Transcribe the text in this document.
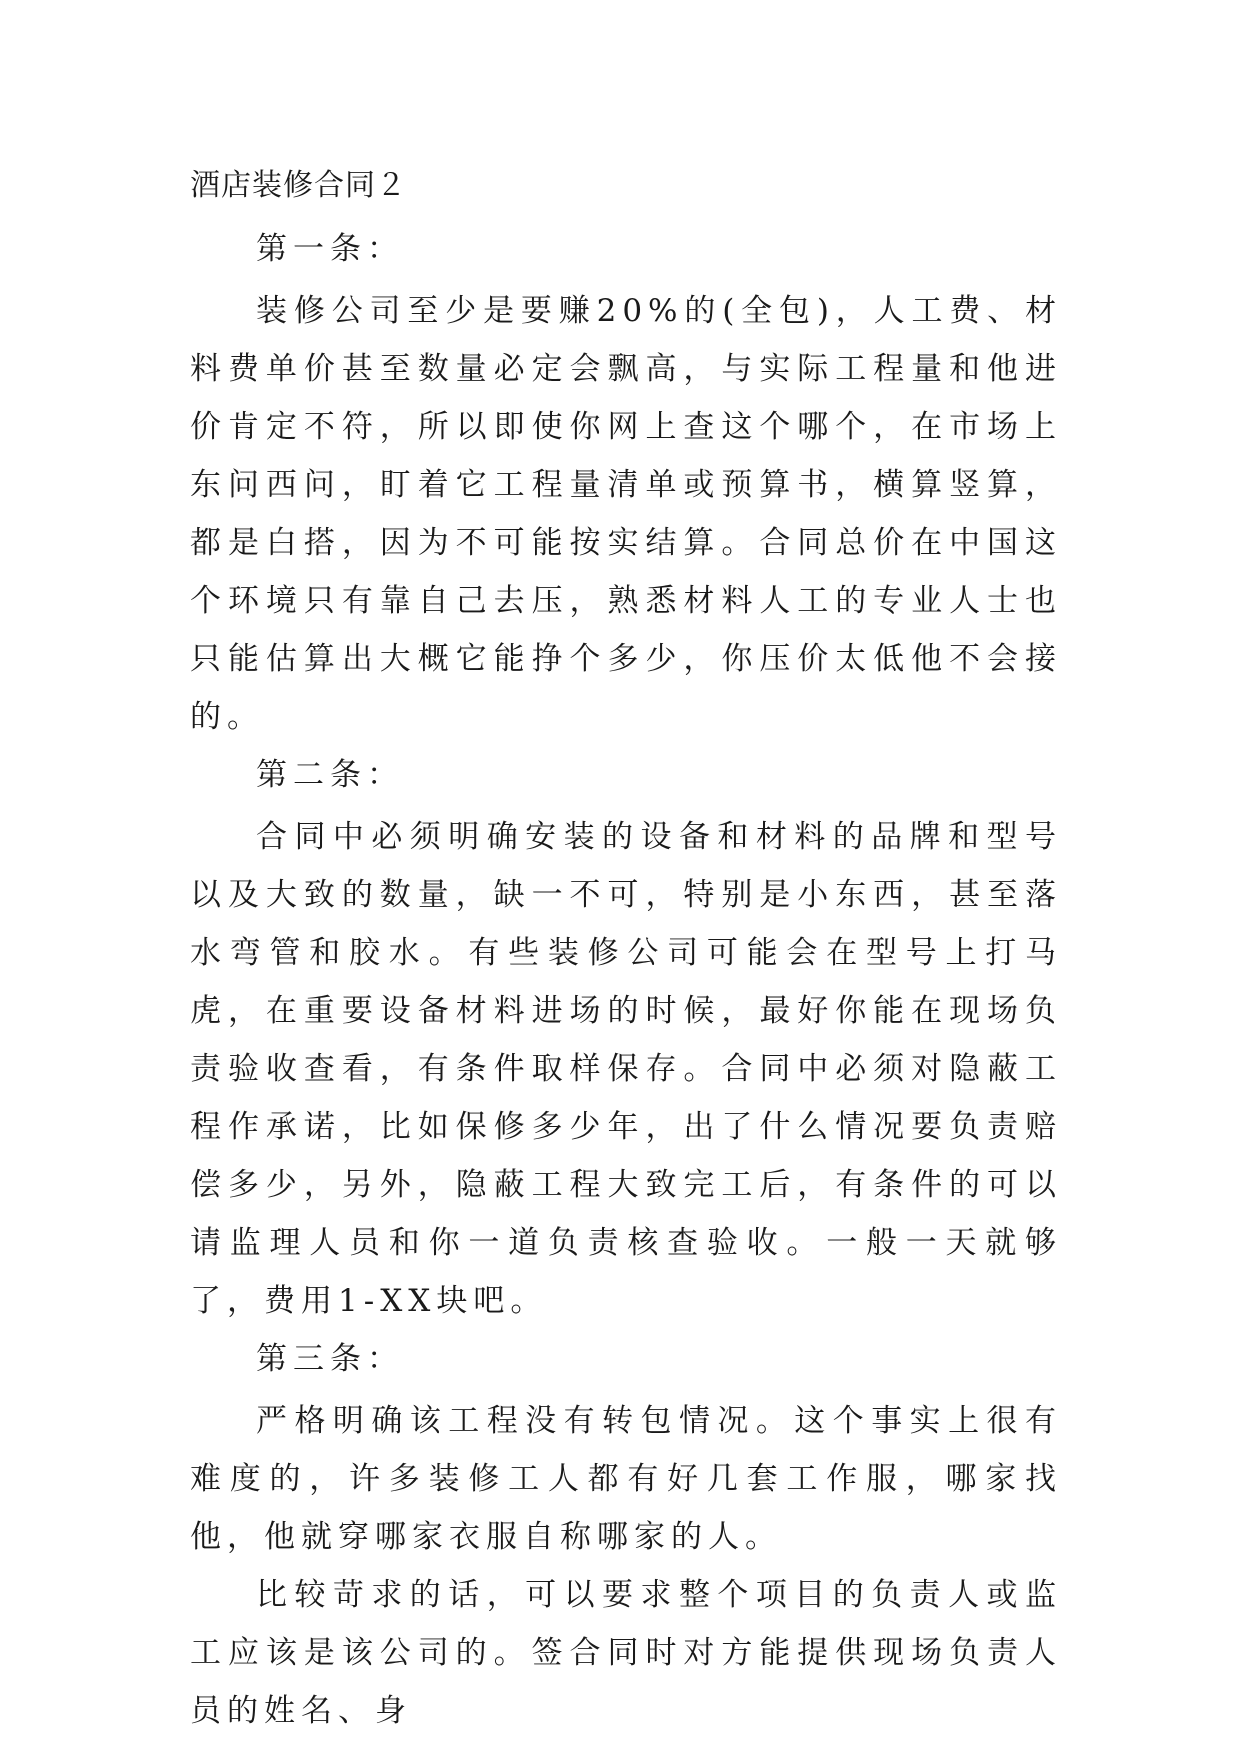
酒店装修合同２

第一条：

装修公司至少是要赚20%的(全包)，人工费、材料费单价甚至数量必定会飘高，与实际工程量和他进价肯定不符，所以即使你网上查这个哪个，在市场上东问西问，盯着它工程量清单或预算书，横算竖算，都是白搭，因为不可能按实结算。合同总价在中国这个环境只有靠自己去压，熟悉材料人工的专业人士也只能估算出大概它能挣个多少，你压价太低他不会接的。

第二条：

合同中必须明确安装的设备和材料的品牌和型号以及大致的数量，缺一不可，特别是小东西，甚至落水弯管和胶水。有些装修公司可能会在型号上打马虎，在重要设备材料进场的时候，最好你能在现场负责验收查看，有条件取样保存。合同中必须对隐蔽工程作承诺，比如保修多少年，出了什么情况要负责赔偿多少，另外，隐蔽工程大致完工后，有条件的可以请监理人员和你一道负责核查验收。一般一天就够了，费用1-XX块吧。

第三条：

严格明确该工程没有转包情况。这个事实上很有难度的，许多装修工人都有好几套工作服，哪家找他，他就穿哪家衣服自称哪家的人。

比较苛求的话，可以要求整个项目的负责人或监工应该是该公司的。签合同时对方能提供现场负责人员的姓名、身
